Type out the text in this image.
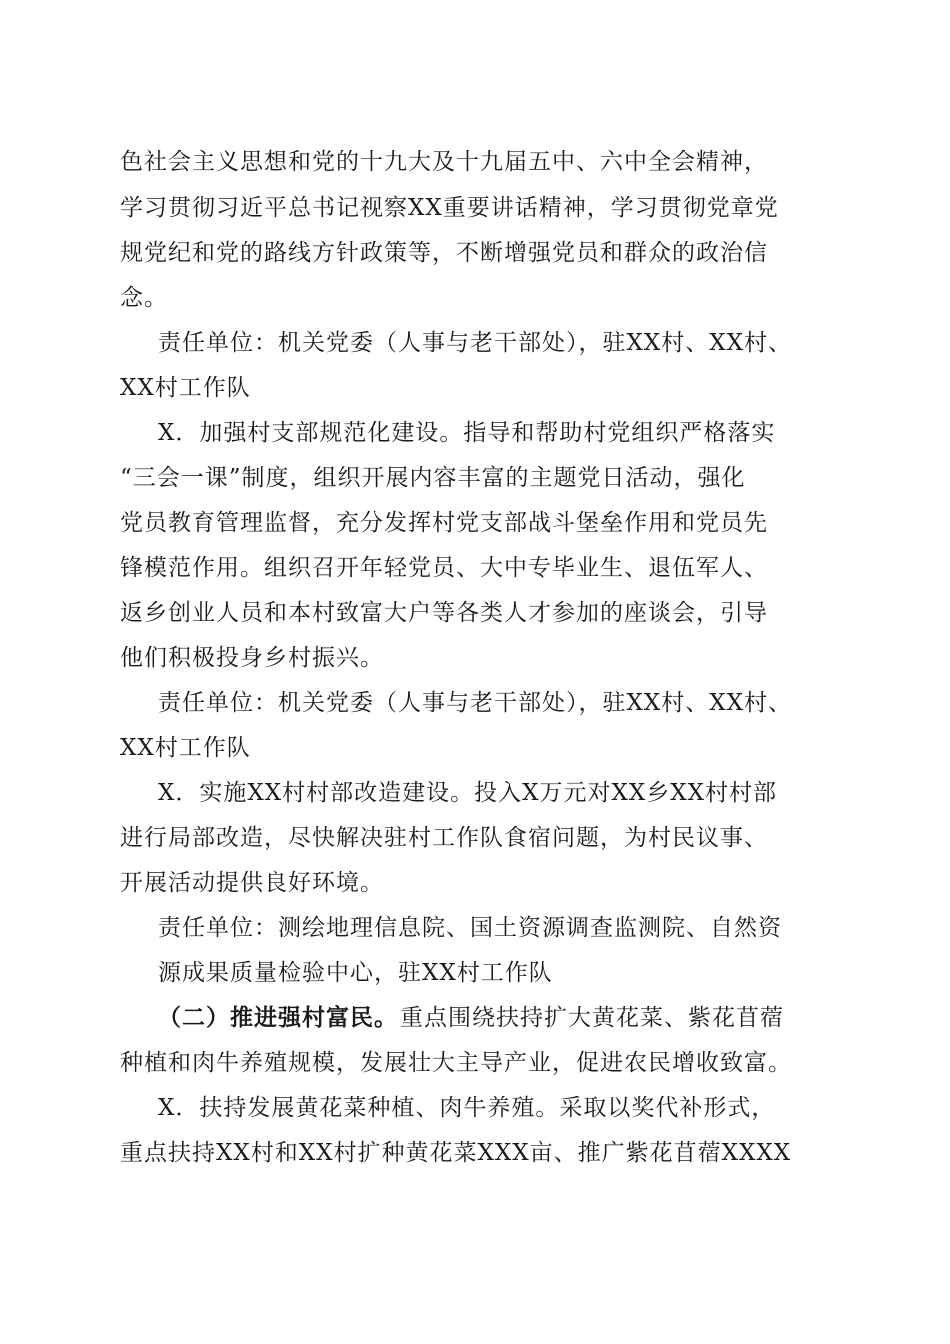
色社会主义思想和党的十九大及十九届五中、六中全会精神，
学习贯彻习近平总书记视察XX重要讲话精神，学习贯彻党章党
规党纪和党的路线方针政策等，不断增强党员和群众的政治信
念。
责任单位：机关党委（人事与老干部处），驻XX村、XX村、
XX村工作队
X．加强村支部规范化建设。指导和帮助村党组织严格落实
“三会一课”制度，组织开展内容丰富的主题党日活动，强化
党员教育管理监督，充分发挥村党支部战斗堡垒作用和党员先
锋模范作用。组织召开年轻党员、大中专毕业生、退伍军人、
返乡创业人员和本村致富大户等各类人才参加的座谈会，引导
他们积极投身乡村振兴。
责任单位：机关党委（人事与老干部处），驻XX村、XX村、
XX村工作队
X．实施XX村村部改造建设。投入X万元对XX乡XX村村部
进行局部改造，尽快解决驻村工作队食宿问题，为村民议事、
开展活动提供良好环境。
责任单位：测绘地理信息院、国土资源调查监测院、自然资
源成果质量检验中心，驻XX村工作队
（二）推进强村富民。 重点围绕扶持扩大黄花菜、紫花苜蓿
种植和肉牛养殖规模，发展壮大主导产业，促进农民增收致富。
X．扶持发展黄花菜种植、肉牛养殖。采取以奖代补形式，
重点扶持XX村和XX村扩种黄花菜XXX亩、推广紫花苜蓿XXXX
